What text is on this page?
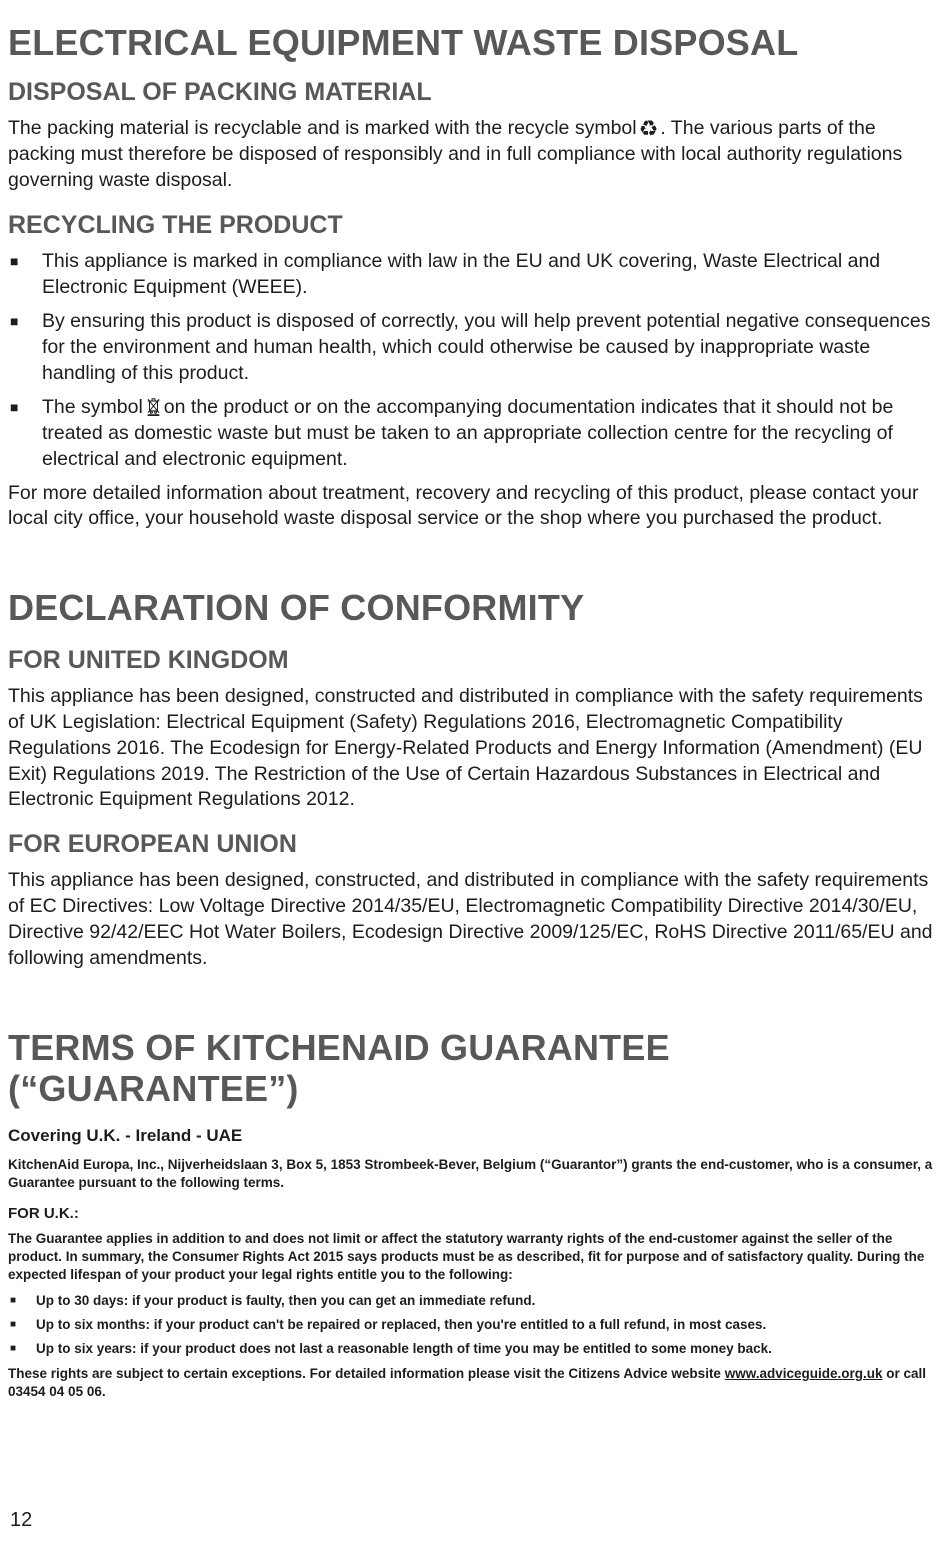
ELECTRICAL EQUIPMENT WASTE DISPOSAL
DISPOSAL OF PACKING MATERIAL

The packing material is recyclable and is marked with the recycle symbol♻ . The various parts of the packing must therefore be disposed of responsibly and in full compliance with local authority regulations governing waste disposal.

RECYCLING THE PRODUCT
■	This appliance is marked in compliance with law in the EU and UK covering, Waste Electrical and Electronic Equipment (WEEE).
■	By ensuring this product is disposed of correctly, you will help prevent potential negative consequences for the environment and human health, which could otherwise be caused by inappropriate waste handling of this product.
■	The symbol on the product or on the accompanying documentation indicates that it should not be treated as domestic waste but must be taken to an appropriate collection centre for the recycling of electrical and electronic equipment.

For more detailed information about treatment, recovery and recycling of this product, please contact your local city office, your household waste disposal service or the shop where you purchased the product.

DECLARATION OF CONFORMITY
FOR UNITED KINGDOM

This appliance has been designed, constructed and distributed in compliance with the safety requirements of UK Legislation: Electrical Equipment (Safety) Regulations 2016, Electromagnetic Compatibility Regulations 2016. The Ecodesign for Energy-Related Products and Energy Information (Amendment) (EU Exit) Regulations 2019. The Restriction of the Use of Certain Hazardous Substances in Electrical and Electronic Equipment Regulations 2012.

FOR EUROPEAN UNION

This appliance has been designed, constructed, and distributed in compliance with the safety requirements of EC Directives: Low Voltage Directive 2014/35/EU, Electromagnetic Compatibility Directive 2014/30/EU, Directive 92/42/EEC Hot Water Boilers, Ecodesign Directive 2009/125/EC, RoHS Directive 2011/65/EU and following amendments.

TERMS OF KITCHENAID GUARANTEE (“GUARANTEE”)
Covering U.K. - Ireland - UAE

KitchenAid Europa, Inc., Nijverheidslaan 3, Box 5, 1853 Strombeek-Bever, Belgium (“Guarantor”) grants the end-customer, who is a consumer, a Guarantee pursuant to the following terms.

FOR U.K.:

The Guarantee applies in addition to and does not limit or affect the statutory warranty rights of the end-customer against the seller of the product. In summary, the Consumer Rights Act 2015 says products must be as described, fit for purpose and of satisfactory quality. During the expected lifespan of your product your legal rights entitle you to the following:

■	Up to 30 days: if your product is faulty, then you can get an immediate refund.
■	Up to six months: if your product can't be repaired or replaced, then you're entitled to a full refund, in most cases.
■	Up to six years: if your product does not last a reasonable length of time you may be entitled to some money back.

These rights are subject to certain exceptions. For detailed information please visit the Citizens Advice website www.adviceguide.org.uk or call 03454 04 05 06.

12
